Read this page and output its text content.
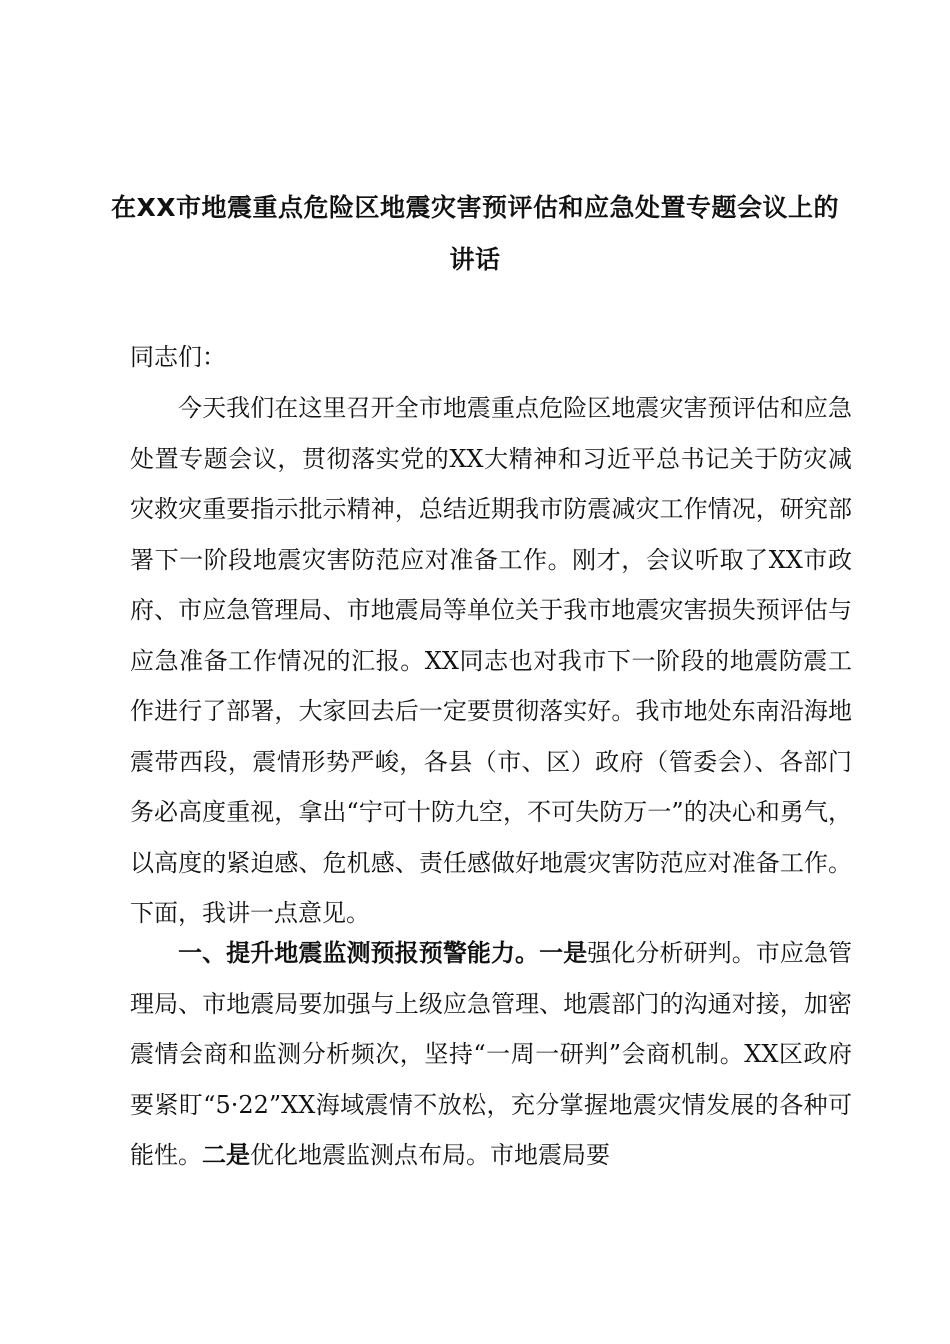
在XX市地震重点危险区地震灾害预评估和应急处置专题会议上的
讲话

同志们：

今天我们在这里召开全市地震重点危险区地震灾害预评估和应急处置专题会议，贯彻落实党的XX大精神和习近平总书记关于防灾减灾救灾重要指示批示精神，总结近期我市防震减灾工作情况，研究部署下一阶段地震灾害防范应对准备工作。刚才，会议听取了XX市政府、市应急管理局、市地震局等单位关于我市地震灾害损失预评估与应急准备工作情况的汇报。XX同志也对我市下一阶段的地震防震工作进行了部署，大家回去后一定要贯彻落实好。我市地处东南沿海地震带西段，震情形势严峻，各县（市、区）政府（管委会）、各部门务必高度重视，拿出“宁可十防九空，不可失防万一”的决心和勇气，以高度的紧迫感、危机感、责任感做好地震灾害防范应对准备工作。下面，我讲一点意见。

一、提升地震监测预报预警能力。一是强化分析研判。市应急管理局、市地震局要加强与上级应急管理、地震部门的沟通对接，加密震情会商和监测分析频次，坚持“一周一研判”会商机制。XX区政府要紧盯“5·22”XX海域震情不放松，充分掌握地震灾情发展的各种可能性。二是优化地震监测点布局。市地震局要
